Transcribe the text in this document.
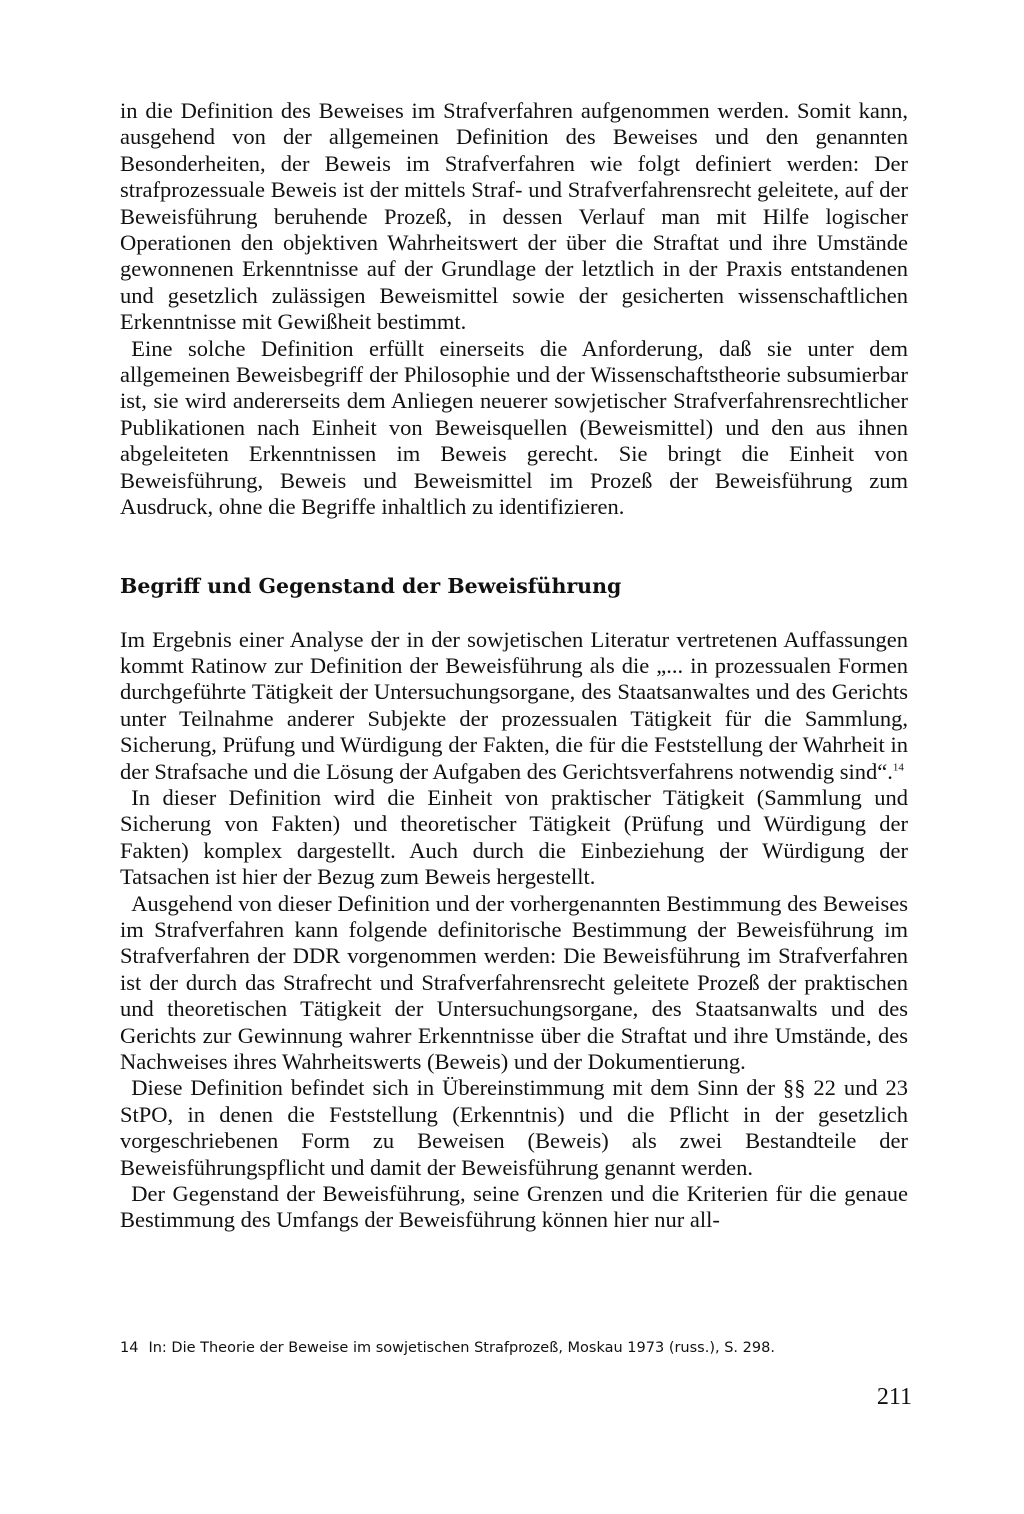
in die Definition des Beweises im Strafverfahren aufgenommen werden. Somit kann, ausgehend von der allgemeinen Definition des Beweises und den genannten Besonderheiten, der Beweis im Strafverfahren wie folgt definiert werden: Der strafprozessuale Beweis ist der mittels Straf- und Strafverfahrensrecht geleitete, auf der Beweisführung beruhende Prozeß, in dessen Verlauf man mit Hilfe logischer Operationen den objektiven Wahrheitswert der über die Straftat und ihre Umstände gewonnenen Erkenntnisse auf der Grundlage der letztlich in der Praxis entstandenen und gesetzlich zulässigen Beweismittel sowie der gesicherten wissenschaftlichen Erkenntnisse mit Gewißheit bestimmt.

Eine solche Definition erfüllt einerseits die Anforderung, daß sie unter dem allgemeinen Beweisbegriff der Philosophie und der Wissenschaftstheorie subsumierbar ist, sie wird andererseits dem Anliegen neuerer sowjetischer Strafverfahrensrechtlicher Publikationen nach Einheit von Beweisquellen (Beweismittel) und den aus ihnen abgeleiteten Erkenntnissen im Beweis gerecht. Sie bringt die Einheit von Beweisführung, Beweis und Beweismittel im Prozeß der Beweisführung zum Ausdruck, ohne die Begriffe inhaltlich zu identifizieren.

Begriff und Gegenstand der Beweisführung

Im Ergebnis einer Analyse der in der sowjetischen Literatur vertretenen Auffassungen kommt Ratinow zur Definition der Beweisführung als die „... in prozessualen Formen durchgeführte Tätigkeit der Untersuchungsorgane, des Staatsanwaltes und des Gerichts unter Teilnahme anderer Subjekte der prozessualen Tätigkeit für die Sammlung, Sicherung, Prüfung und Würdigung der Fakten, die für die Feststellung der Wahrheit in der Strafsache und die Lösung der Aufgaben des Gerichtsverfahrens notwendig sind“.$^{14}$

In dieser Definition wird die Einheit von praktischer Tätigkeit (Sammlung und Sicherung von Fakten) und theoretischer Tätigkeit (Prüfung und Würdigung der Fakten) komplex dargestellt. Auch durch die Einbeziehung der Würdigung der Tatsachen ist hier der Bezug zum Beweis hergestellt.

Ausgehend von dieser Definition und der vorhergenannten Bestimmung des Beweises im Strafverfahren kann folgende definitorische Bestimmung der Beweisführung im Strafverfahren der DDR vorgenommen werden: Die Beweisführung im Strafverfahren ist der durch das Strafrecht und Strafverfahrensrecht geleitete Prozeß der praktischen und theoretischen Tätigkeit der Untersuchungsorgane, des Staatsanwalts und des Gerichts zur Gewinnung wahrer Erkenntnisse über die Straftat und ihre Umstände, des Nachweises ihres Wahrheitswerts (Beweis) und der Dokumentierung.

Diese Definition befindet sich in Übereinstimmung mit dem Sinn der §§ 22 und 23 StPO, in denen die Feststellung (Erkenntnis) und die Pflicht in der gesetzlich vorgeschriebenen Form zu Beweisen (Beweis) als zwei Bestandteile der Beweisführungspflicht und damit der Beweisführung genannt werden.

Der Gegenstand der Beweisführung, seine Grenzen und die Kriterien für die genaue Bestimmung des Umfangs der Beweisführung können hier nur all-

14 In: Die Theorie der Beweise im sowjetischen Strafprozeß, Moskau 1973 (russ.), S. 298.

211
